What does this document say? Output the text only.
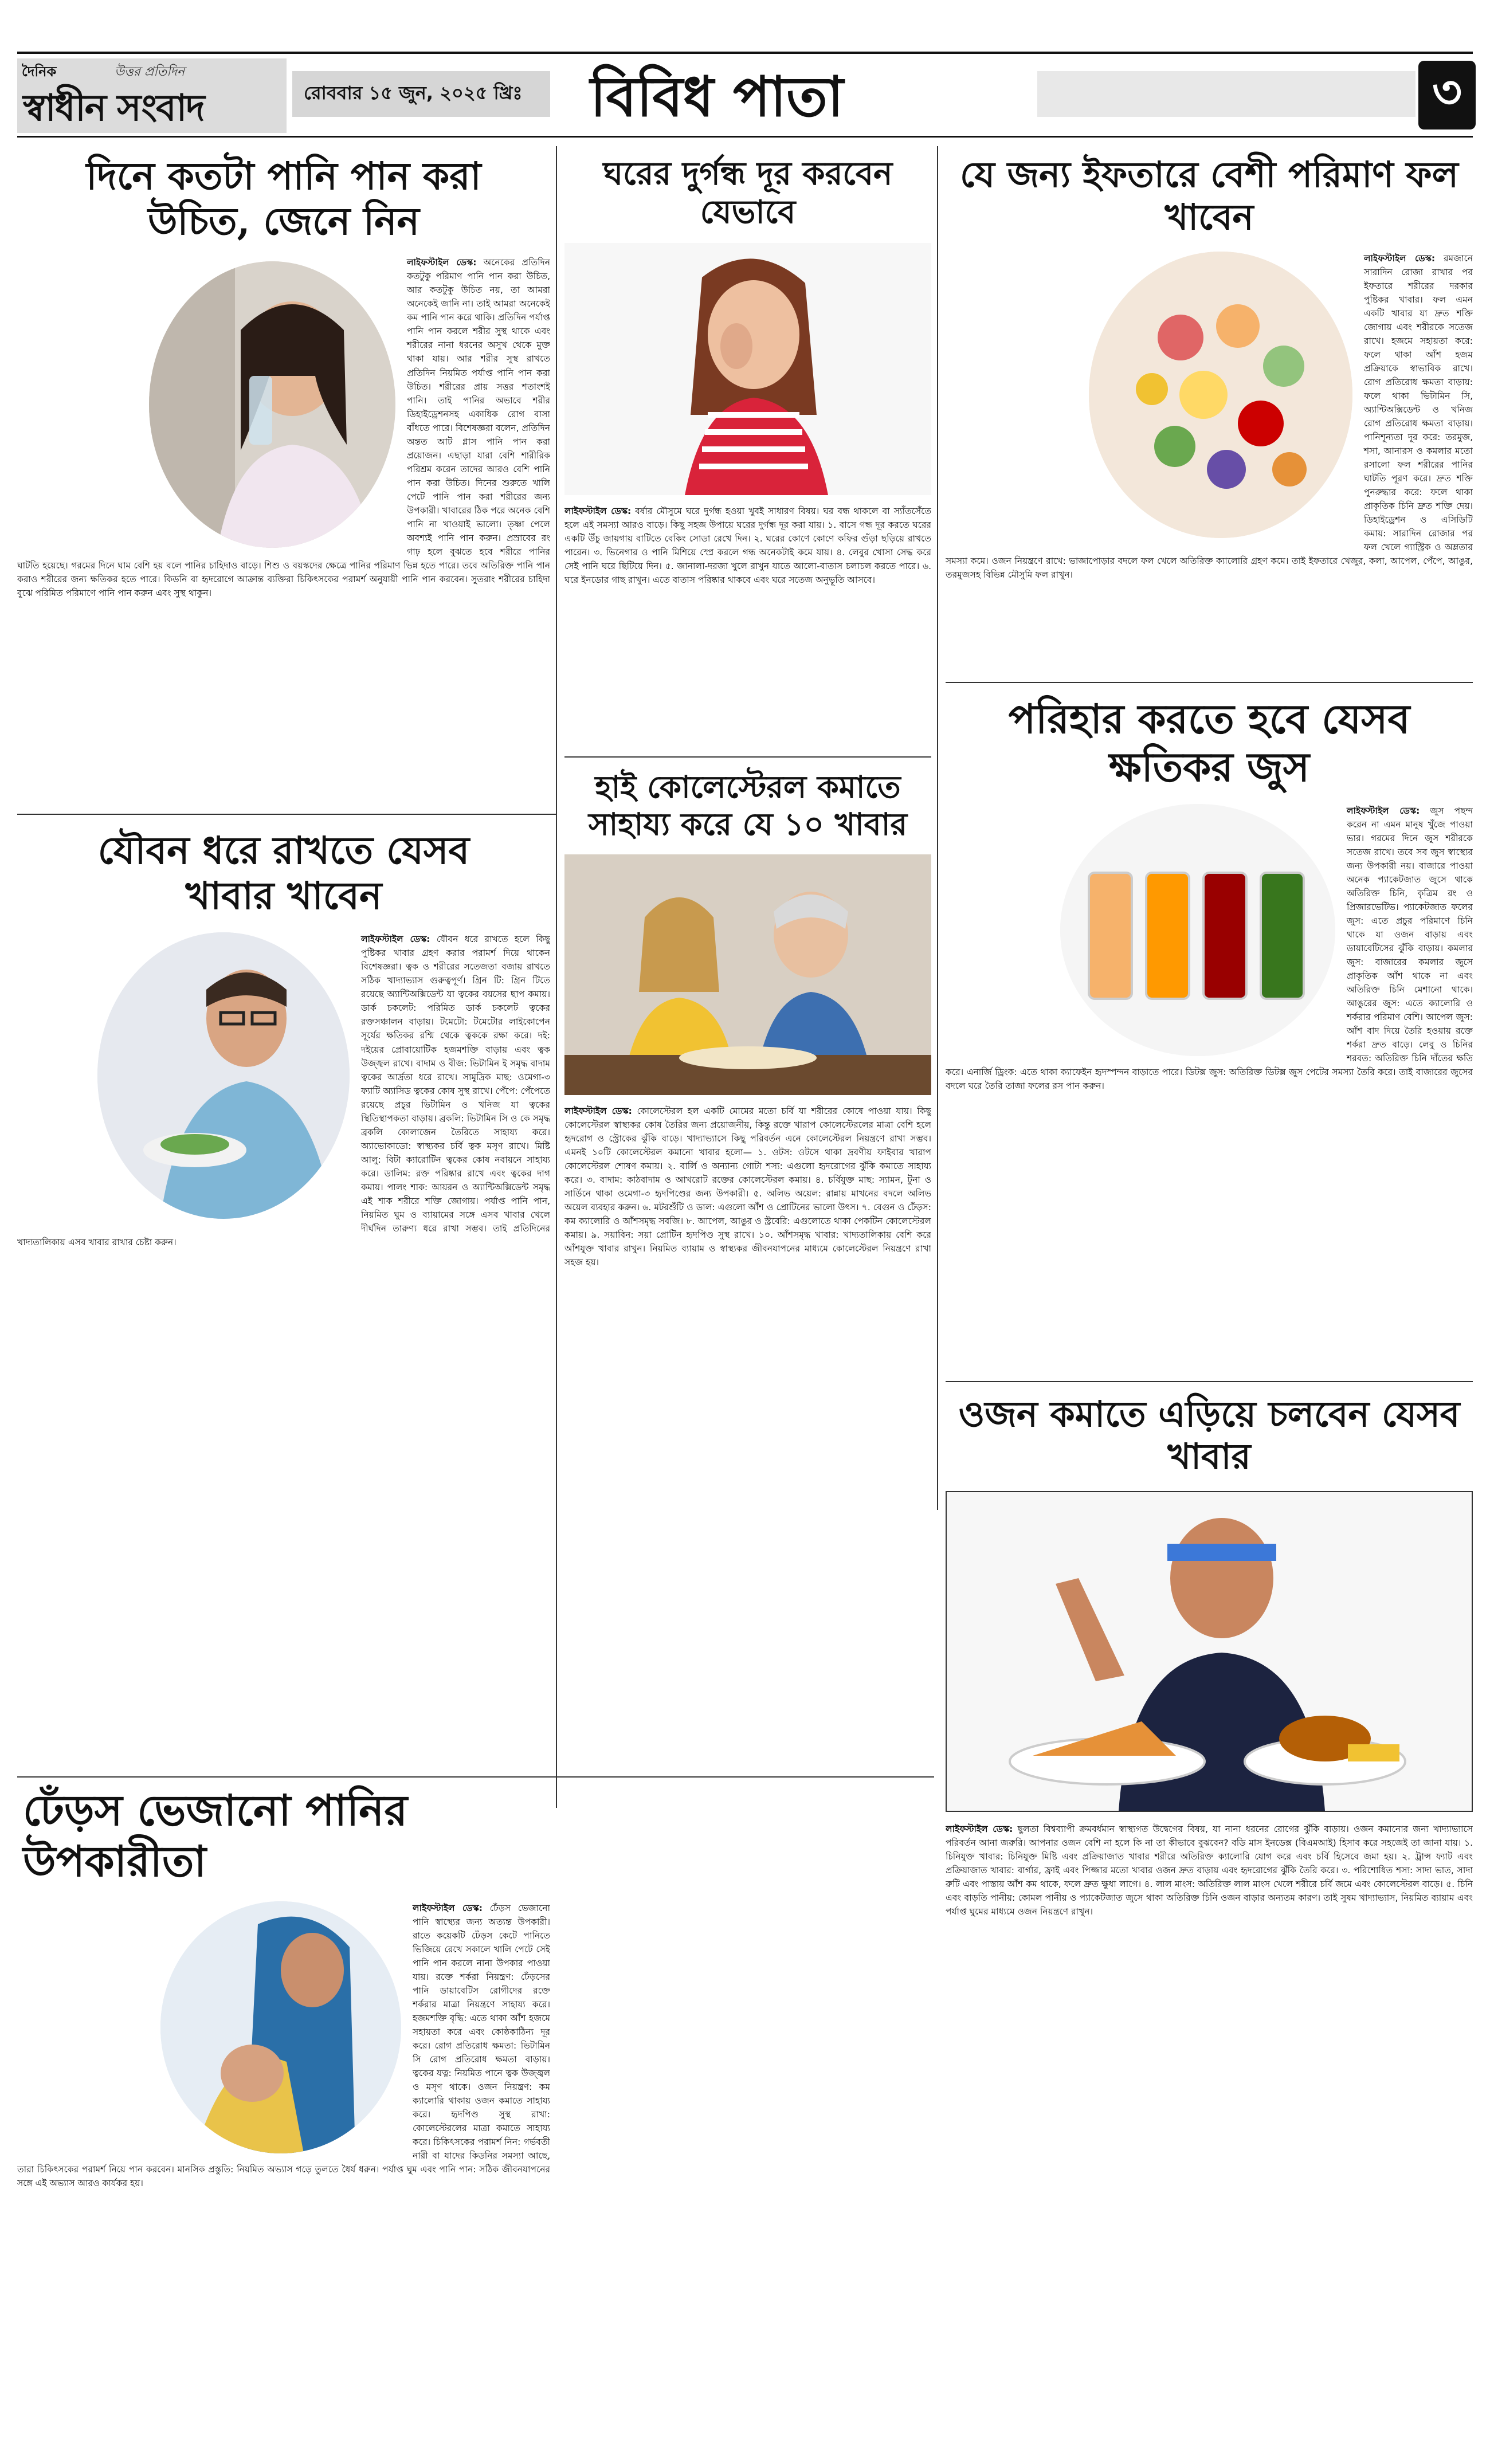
দৈনিক	উত্তর প্রতিদিন
স্বাধীন সংবাদ	রোববার ১৫ জুন, ২০২৫ খ্রিঃ	বিবিধ পাতা	৩
দিনে কতটা পানি পান করা উচিত, জেনে নিন
লাইফস্টাইল ডেস্ক: অনেকের প্রতিদিন কতটুকু পরিমাণ পানি পান করা উচিত, আর কতটুকু উচিত নয়, তা আমরা অনেকেই জানি না। তাই আমরা অনেকেই কম পানি পান করে থাকি। প্রতিদিন পর্যাপ্ত পানি পান করলে শরীর সুস্থ থাকে এবং শরীরের নানা ধরনের অসুখ থেকে মুক্ত থাকা যায়। আর শরীর সুস্থ রাখতে প্রতিদিন নিয়মিত পর্যাপ্ত পানি পান করা উচিত। শরীরের প্রায় সত্তর শতাংশই পানি। তাই পানির অভাবে শরীর ডিহাইড্রেশনসহ একাধিক রোগ বাসা বাঁধতে পারে। বিশেষজ্ঞরা বলেন, প্রতিদিন অন্তত আট গ্লাস পানি পান করা প্রয়োজন। এছাড়া যারা বেশি শারীরিক পরিশ্রম করেন তাদের আরও বেশি পানি পান করা উচিত। দিনের শুরুতে খালি পেটে পানি পান করা শরীরের জন্য উপকারী। খাবারের ঠিক পরে অনেক বেশি পানি না খাওয়াই ভালো। তৃষ্ণা পেলে অবশ্যই পানি পান করুন। প্রস্রাবের রং গাঢ় হলে বুঝতে হবে শরীরে পানির ঘাটতি হয়েছে। গরমের দিনে ঘাম বেশি হয় বলে পানির চাহিদাও বাড়ে। শিশু ও বয়স্কদের ক্ষেত্রে পানির পরিমাণ ভিন্ন হতে পারে। তবে অতিরিক্ত পানি পান করাও শরীরের জন্য ক্ষতিকর হতে পারে। কিডনি বা হৃদরোগে আক্রান্ত ব্যক্তিরা চিকিৎসকের পরামর্শ অনুযায়ী পানি পান করবেন। সুতরাং শরীরের চাহিদা বুঝে পরিমিত পরিমাণে পানি পান করুন এবং সুস্থ থাকুন।
যৌবন ধরে রাখতে যেসব খাবার খাবেন
লাইফস্টাইল ডেস্ক: যৌবন ধরে রাখতে হলে কিছু পুষ্টিকর খাবার গ্রহণ করার পরামর্শ দিয়ে থাকেন বিশেষজ্ঞরা। ত্বক ও শরীরের সতেজতা বজায় রাখতে সঠিক খাদ্যাভ্যাস গুরুত্বপূর্ণ। গ্রিন টি: গ্রিন টিতে রয়েছে অ্যান্টিঅক্সিডেন্ট যা ত্বকের বয়সের ছাপ কমায়। ডার্ক চকলেট: পরিমিত ডার্ক চকলেট ত্বকের রক্তসঞ্চালন বাড়ায়। টমেটো: টমেটোর লাইকোপেন সূর্যের ক্ষতিকর রশ্মি থেকে ত্বককে রক্ষা করে। দই: দইয়ের প্রোবায়োটিক হজমশক্তি বাড়ায় এবং ত্বক উজ্জ্বল রাখে। বাদাম ও বীজ: ভিটামিন ই সমৃদ্ধ বাদাম ত্বকের আর্দ্রতা ধরে রাখে। সামুদ্রিক মাছ: ওমেগা-৩ ফ্যাটি অ্যাসিড ত্বকের কোষ সুস্থ রাখে। পেঁপে: পেঁপেতে রয়েছে প্রচুর ভিটামিন ও খনিজ যা ত্বকের স্থিতিস্থাপকতা বাড়ায়। ব্রকলি: ভিটামিন সি ও কে সমৃদ্ধ ব্রকলি কোলাজেন তৈরিতে সাহায্য করে। অ্যাভোকাডো: স্বাস্থ্যকর চর্বি ত্বক মসৃণ রাখে। মিষ্টি আলু: বিটা ক্যারোটিন ত্বকের কোষ নবায়নে সাহায্য করে। ডালিম: রক্ত পরিষ্কার রাখে এবং ত্বকের দাগ কমায়। পালং শাক: আয়রন ও অ্যান্টিঅক্সিডেন্ট সমৃদ্ধ এই শাক শরীরে শক্তি জোগায়। পর্যাপ্ত পানি পান, নিয়মিত ঘুম ও ব্যায়ামের সঙ্গে এসব খাবার খেলে দীর্ঘদিন তারুণ্য ধরে রাখা সম্ভব। তাই প্রতিদিনের খাদ্যতালিকায় এসব খাবার রাখার চেষ্টা করুন।
ঢেঁড়স ভেজানো পানির উপকারীতা
লাইফস্টাইল ডেস্ক: ঢেঁড়স ভেজানো পানি স্বাস্থ্যের জন্য অত্যন্ত উপকারী। রাতে কয়েকটি ঢেঁড়স কেটে পানিতে ভিজিয়ে রেখে সকালে খালি পেটে সেই পানি পান করলে নানা উপকার পাওয়া যায়। রক্তে শর্করা নিয়ন্ত্রণ: ঢেঁড়সের পানি ডায়াবেটিস রোগীদের রক্তে শর্করার মাত্রা নিয়ন্ত্রণে সাহায্য করে। হজমশক্তি বৃদ্ধি: এতে থাকা আঁশ হজমে সহায়তা করে এবং কোষ্ঠকাঠিন্য দূর করে। রোগ প্রতিরোধ ক্ষমতা: ভিটামিন সি রোগ প্রতিরোধ ক্ষমতা বাড়ায়। ত্বকের যত্ন: নিয়মিত পানে ত্বক উজ্জ্বল ও মসৃণ থাকে। ওজন নিয়ন্ত্রণ: কম ক্যালোরি থাকায় ওজন কমাতে সাহায্য করে। হৃদপিণ্ড সুস্থ রাখা: কোলেস্টেরলের মাত্রা কমাতে সাহায্য করে। চিকিৎসকের পরামর্শ নিন: গর্ভবতী নারী বা যাদের কিডনির সমস্যা আছে, তারা চিকিৎসকের পরামর্শ নিয়ে পান করবেন। মানসিক প্রস্তুতি: নিয়মিত অভ্যাস গড়ে তুলতে ধৈর্য ধরুন। পর্যাপ্ত ঘুম এবং পানি পান: সঠিক জীবনযাপনের সঙ্গে এই অভ্যাস আরও কার্যকর হয়।
ঘরের দুর্গন্ধ দূর করবেন যেভাবে
লাইফস্টাইল ডেস্ক: বর্ষার মৌসুমে ঘরে দুর্গন্ধ হওয়া খুবই সাধারণ বিষয়। ঘর বন্ধ থাকলে বা স্যাঁতসেঁতে হলে এই সমস্যা আরও বাড়ে। কিছু সহজ উপায়ে ঘরের দুর্গন্ধ দূর করা যায়। ১. বাসে গন্ধ দূর করতে ঘরের একটি উঁচু জায়গায় বাটিতে বেকিং সোডা রেখে দিন। ২. ঘরের কোণে কোণে কফির গুঁড়া ছড়িয়ে রাখতে পারেন। ৩. ভিনেগার ও পানি মিশিয়ে স্প্রে করলে গন্ধ অনেকটাই কমে যায়। ৪. লেবুর খোসা সেদ্ধ করে সেই পানি ঘরে ছিটিয়ে দিন। ৫. জানালা-দরজা খুলে রাখুন যাতে আলো-বাতাস চলাচল করতে পারে। ৬. ঘরে ইনডোর গাছ রাখুন। এতে বাতাস পরিষ্কার থাকবে এবং ঘরে সতেজ অনুভূতি আসবে।
হাই কোলেস্টেরল কমাতে সাহায্য করে যে ১০ খাবার
লাইফস্টাইল ডেস্ক: কোলেস্টেরল হল একটি মোমের মতো চর্বি যা শরীরের কোষে পাওয়া যায়। কিছু কোলেস্টেরল স্বাস্থ্যকর কোষ তৈরির জন্য প্রয়োজনীয়, কিন্তু রক্তে খারাপ কোলেস্টেরলের মাত্রা বেশি হলে হৃদরোগ ও স্ট্রোকের ঝুঁকি বাড়ে। খাদ্যাভ্যাসে কিছু পরিবর্তন এনে কোলেস্টেরল নিয়ন্ত্রণে রাখা সম্ভব। এমনই ১০টি কোলেস্টেরল কমানো খাবার হলো— ১. ওটস: ওটসে থাকা দ্রবণীয় ফাইবার খারাপ কোলেস্টেরল শোষণ কমায়। ২. বার্লি ও অন্যান্য গোটা শস্য: এগুলো হৃদরোগের ঝুঁকি কমাতে সাহায্য করে। ৩. বাদাম: কাঠবাদাম ও আখরোট রক্তের কোলেস্টেরল কমায়। ৪. চর্বিযুক্ত মাছ: স্যামন, টুনা ও সার্ডিনে থাকা ওমেগা-৩ হৃদপিণ্ডের জন্য উপকারী। ৫. অলিভ অয়েল: রান্নায় মাখনের বদলে অলিভ অয়েল ব্যবহার করুন। ৬. মটরশুঁটি ও ডাল: এগুলো আঁশ ও প্রোটিনের ভালো উৎস। ৭. বেগুন ও ঢেঁড়স: কম ক্যালোরি ও আঁশসমৃদ্ধ সবজি। ৮. আপেল, আঙুর ও স্ট্রবেরি: এগুলোতে থাকা পেকটিন কোলেস্টেরল কমায়। ৯. সয়াবিন: সয়া প্রোটিন হৃদপিণ্ড সুস্থ রাখে। ১০. আঁশসমৃদ্ধ খাবার: খাদ্যতালিকায় বেশি করে আঁশযুক্ত খাবার রাখুন। নিয়মিত ব্যায়াম ও স্বাস্থ্যকর জীবনযাপনের মাধ্যমে কোলেস্টেরল নিয়ন্ত্রণে রাখা সহজ হয়।
যে জন্য ইফতারে বেশী পরিমাণ ফল খাবেন
লাইফস্টাইল ডেস্ক: রমজানে সারাদিন রোজা রাখার পর ইফতারে শরীরের দরকার পুষ্টিকর খাবার। ফল এমন একটি খাবার যা দ্রুত শক্তি জোগায় এবং শরীরকে সতেজ রাখে। হজমে সহায়তা করে: ফলে থাকা আঁশ হজম প্রক্রিয়াকে স্বাভাবিক রাখে। রোগ প্রতিরোধ ক্ষমতা বাড়ায়: ফলে থাকা ভিটামিন সি, অ্যান্টিঅক্সিডেন্ট ও খনিজ রোগ প্রতিরোধ ক্ষমতা বাড়ায়। পানিশূন্যতা দূর করে: তরমুজ, শসা, আনারস ও কমলার মতো রসালো ফল শরীরের পানির ঘাটতি পূরণ করে। দ্রুত শক্তি পুনরুদ্ধার করে: ফলে থাকা প্রাকৃতিক চিনি দ্রুত শক্তি দেয়। ডিহাইড্রেশন ও এসিডিটি কমায়: সারাদিন রোজার পর ফল খেলে গ্যাস্ট্রিক ও অম্লতার সমস্যা কমে। ওজন নিয়ন্ত্রণে রাখে: ভাজাপোড়ার বদলে ফল খেলে অতিরিক্ত ক্যালোরি গ্রহণ কমে। তাই ইফতারে খেজুর, কলা, আপেল, পেঁপে, আঙুর, তরমুজসহ বিভিন্ন মৌসুমি ফল রাখুন।
পরিহার করতে হবে যেসব ক্ষতিকর জুস
লাইফস্টাইল ডেস্ক: জুস পছন্দ করেন না এমন মানুষ খুঁজে পাওয়া ভার। গরমের দিনে জুস শরীরকে সতেজ রাখে। তবে সব জুস স্বাস্থ্যের জন্য উপকারী নয়। বাজারে পাওয়া অনেক প্যাকেটজাত জুসে থাকে অতিরিক্ত চিনি, কৃত্রিম রং ও প্রিজারভেটিভ। প্যাকেটজাত ফলের জুস: এতে প্রচুর পরিমাণে চিনি থাকে যা ওজন বাড়ায় এবং ডায়াবেটিসের ঝুঁকি বাড়ায়। কমলার জুস: বাজারের কমলার জুসে প্রাকৃতিক আঁশ থাকে না এবং অতিরিক্ত চিনি মেশানো থাকে। আঙুরের জুস: এতে ক্যালোরি ও শর্করার পরিমাণ বেশি। আপেল জুস: আঁশ বাদ দিয়ে তৈরি হওয়ায় রক্তে শর্করা দ্রুত বাড়ে। লেবু ও চিনির শরবত: অতিরিক্ত চিনি দাঁতের ক্ষতি করে। এনার্জি ড্রিংক: এতে থাকা ক্যাফেইন হৃদস্পন্দন বাড়াতে পারে। ডিটক্স জুস: অতিরিক্ত ডিটক্স জুস পেটের সমস্যা তৈরি করে। তাই বাজারের জুসের বদলে ঘরে তৈরি তাজা ফলের রস পান করুন।
ওজন কমাতে এড়িয়ে চলবেন যেসব খাবার
লাইফস্টাইল ডেস্ক: ছুলতা বিশ্বব্যাপী ক্রমবর্ধমান স্বাস্থ্যগত উদ্বেগের বিষয়, যা নানা ধরনের রোগের ঝুঁকি বাড়ায়। ওজন কমানোর জন্য খাদ্যাভ্যাসে পরিবর্তন আনা জরুরি। আপনার ওজন বেশি না হলে কি না তা কীভাবে বুঝবেন? বডি মাস ইনডেক্স (বিএমআই) হিসাব করে সহজেই তা জানা যায়। ১. চিনিযুক্ত খাবার: চিনিযুক্ত মিষ্টি এবং প্রক্রিয়াজাত খাবার শরীরে অতিরিক্ত ক্যালোরি যোগ করে এবং চর্বি হিসেবে জমা হয়। ২. ট্রান্স ফ্যাট এবং প্রক্রিয়াজাত খাবার: বার্গার, ফ্রাই এবং পিজ্জার মতো খাবার ওজন দ্রুত বাড়ায় এবং হৃদরোগের ঝুঁকি তৈরি করে। ৩. পরিশোধিত শস্য: সাদা ভাত, সাদা রুটি এবং পাস্তায় আঁশ কম থাকে, ফলে দ্রুত ক্ষুধা লাগে। ৪. লাল মাংস: অতিরিক্ত লাল মাংস খেলে শরীরে চর্বি জমে এবং কোলেস্টেরল বাড়ে। ৫. চিনি এবং বাড়তি পানীয়: কোমল পানীয় ও প্যাকেটজাত জুসে থাকা অতিরিক্ত চিনি ওজন বাড়ার অন্যতম কারণ। তাই সুষম খাদ্যাভ্যাস, নিয়মিত ব্যায়াম এবং পর্যাপ্ত ঘুমের মাধ্যমে ওজন নিয়ন্ত্রণে রাখুন।
